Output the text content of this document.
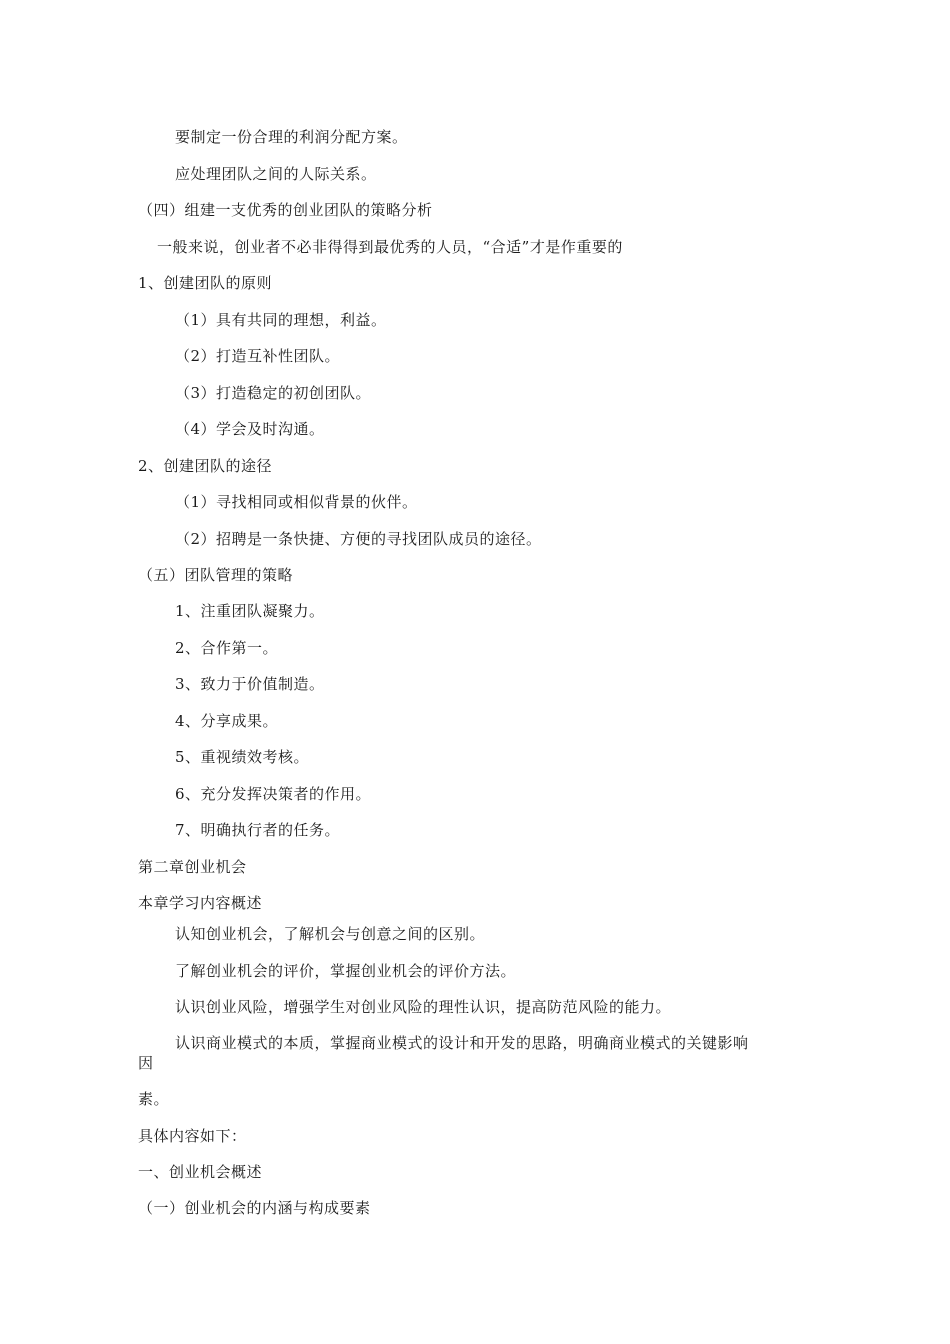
要制定一份合理的利润分配方案。
应处理团队之间的人际关系。
（四）组建一支优秀的创业团队的策略分析
一般来说，创业者不必非得得到最优秀的人员，“合适”才是作重要的
1、创建团队的原则
（1）具有共同的理想，利益。
（2）打造互补性团队。
（3）打造稳定的初创团队。
（4）学会及时沟通。
2、创建团队的途径
（1）寻找相同或相似背景的伙伴。
（2）招聘是一条快捷、方便的寻找团队成员的途径。
（五）团队管理的策略
1、注重团队凝聚力。
2、合作第一。
3、致力于价值制造。
4、分享成果。
5、重视绩效考核。
6、充分发挥决策者的作用。
7、明确执行者的任务。
第二章创业机会
本章学习内容概述
认知创业机会，了解机会与创意之间的区别。
了解创业机会的评价，掌握创业机会的评价方法。
认识创业风险，增强学生对创业风险的理性认识，提高防范风险的能力。
认识商业模式的本质，掌握商业模式的设计和开发的思路，明确商业模式的关键影响
因
素。
具体内容如下：
一、创业机会概述
（一）创业机会的内涵与构成要素
